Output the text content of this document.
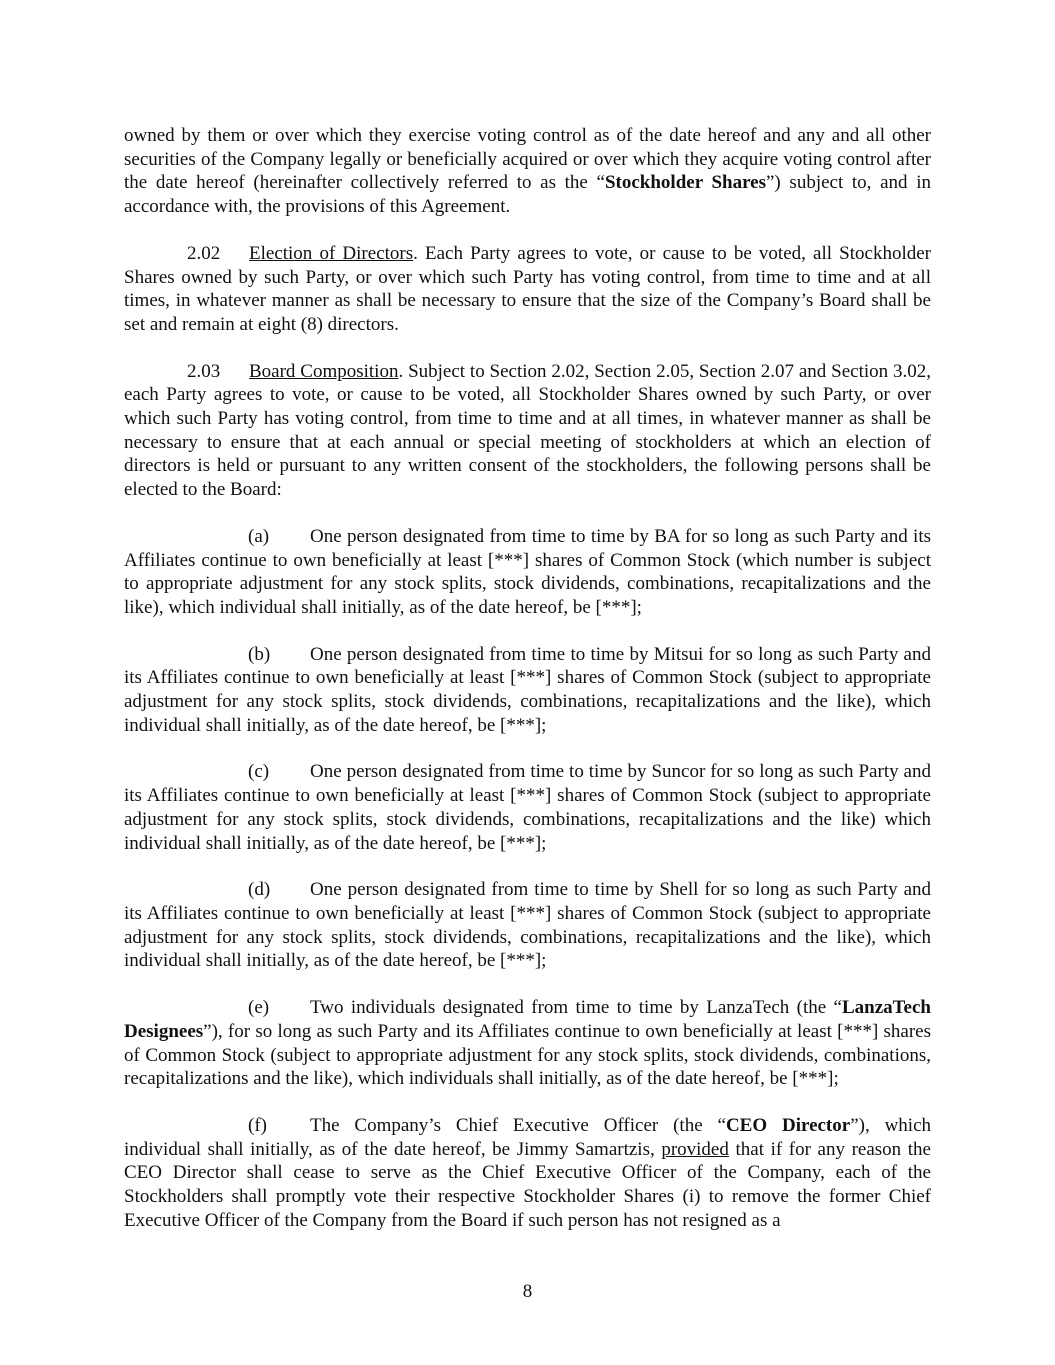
owned by them or over which they exercise voting control as of the date hereof and any and all other securities of the Company legally or beneficially acquired or over which they acquire voting control after the date hereof (hereinafter collectively referred to as the “Stockholder Shares”) subject to, and in accordance with, the provisions of this Agreement.

2.02 Election of Directors. Each Party agrees to vote, or cause to be voted, all Stockholder Shares owned by such Party, or over which such Party has voting control, from time to time and at all times, in whatever manner as shall be necessary to ensure that the size of the Company’s Board shall be set and remain at eight (8) directors.

2.03 Board Composition. Subject to Section 2.02, Section 2.05, Section 2.07 and Section 3.02, each Party agrees to vote, or cause to be voted, all Stockholder Shares owned by such Party, or over which such Party has voting control, from time to time and at all times, in whatever manner as shall be necessary to ensure that at each annual or special meeting of stockholders at which an election of directors is held or pursuant to any written consent of the stockholders, the following persons shall be elected to the Board:

(a) One person designated from time to time by BA for so long as such Party and its Affiliates continue to own beneficially at least [***] shares of Common Stock (which number is subject to appropriate adjustment for any stock splits, stock dividends, combinations, recapitalizations and the like), which individual shall initially, as of the date hereof, be [***];

(b) One person designated from time to time by Mitsui for so long as such Party and its Affiliates continue to own beneficially at least [***] shares of Common Stock (subject to appropriate adjustment for any stock splits, stock dividends, combinations, recapitalizations and the like), which individual shall initially, as of the date hereof, be [***];

(c) One person designated from time to time by Suncor for so long as such Party and its Affiliates continue to own beneficially at least [***] shares of Common Stock (subject to appropriate adjustment for any stock splits, stock dividends, combinations, recapitalizations and the like) which individual shall initially, as of the date hereof, be [***];

(d) One person designated from time to time by Shell for so long as such Party and its Affiliates continue to own beneficially at least [***] shares of Common Stock (subject to appropriate adjustment for any stock splits, stock dividends, combinations, recapitalizations and the like), which individual shall initially, as of the date hereof, be [***];

(e) Two individuals designated from time to time by LanzaTech (the “LanzaTech Designees”), for so long as such Party and its Affiliates continue to own beneficially at least [***] shares of Common Stock (subject to appropriate adjustment for any stock splits, stock dividends, combinations, recapitalizations and the like), which individuals shall initially, as of the date hereof, be [***];

(f) The Company’s Chief Executive Officer (the “CEO Director”), which individual shall initially, as of the date hereof, be Jimmy Samartzis, provided that if for any reason the CEO Director shall cease to serve as the Chief Executive Officer of the Company, each of the Stockholders shall promptly vote their respective Stockholder Shares (i) to remove the former Chief Executive Officer of the Company from the Board if such person has not resigned as a

8
